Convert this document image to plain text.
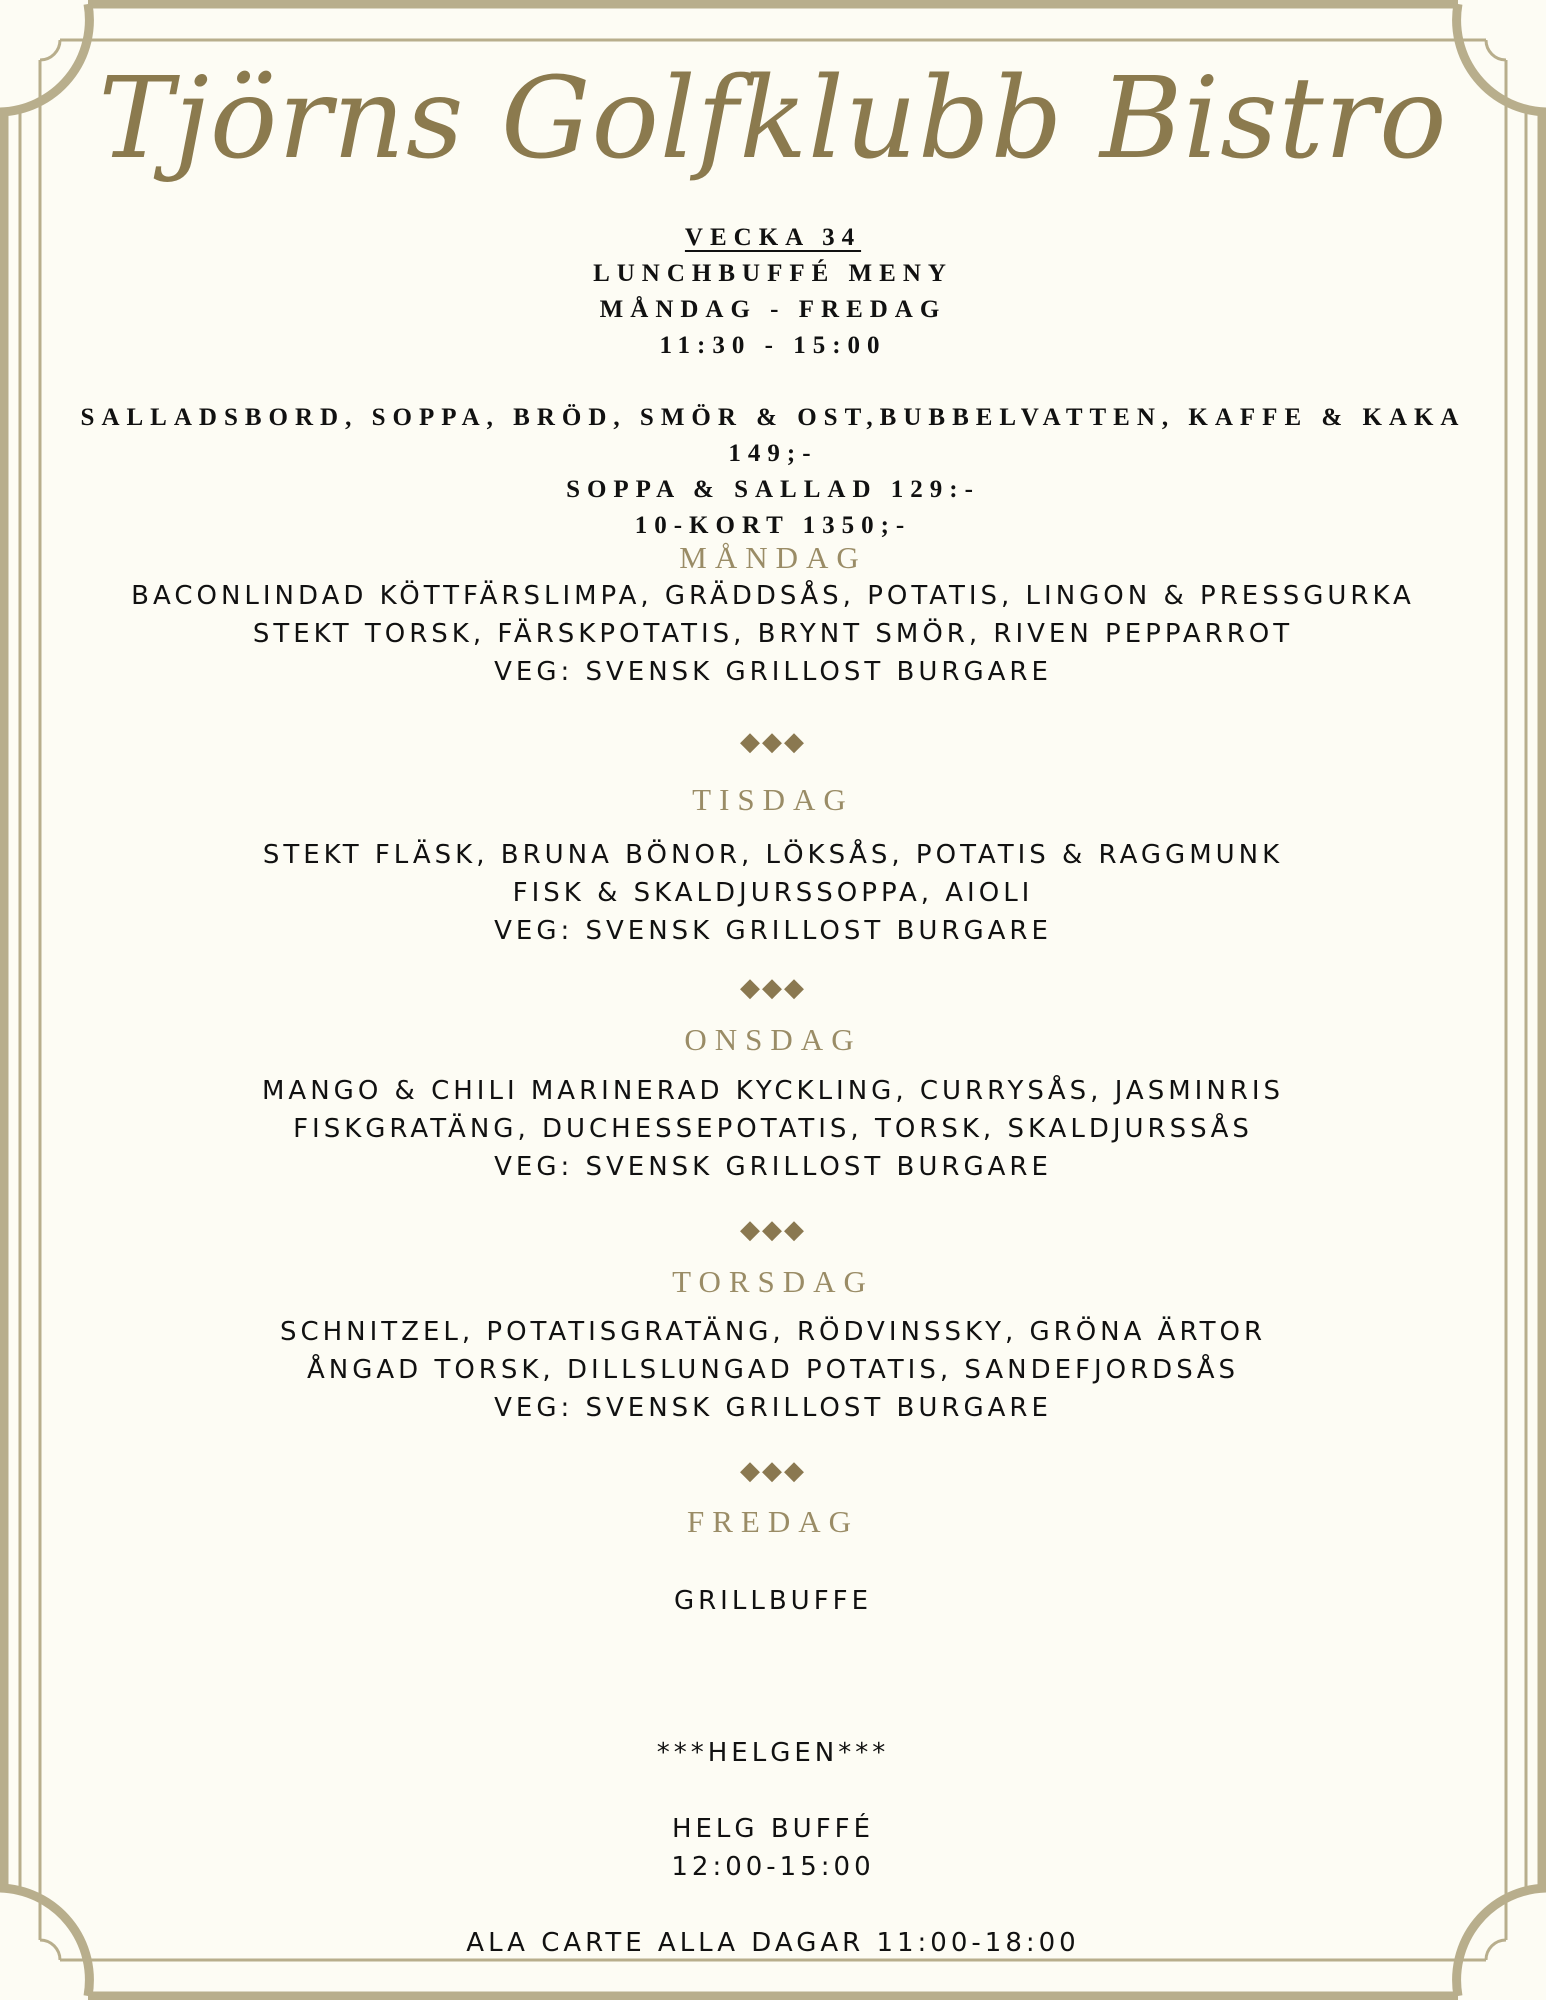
Tjörns Golfklubb Bistro
VECKA 34
LUNCHBUFFÉ MENY
MÅNDAG - FREDAG
11:30 - 15:00
SALLADSBORD, SOPPA, BRÖD, SMÖR & OST,BUBBELVATTEN, KAFFE & KAKA
149;-
SOPPA & SALLAD 129:-
10-KORT 1350;-
MÅNDAG
BACONLINDAD KÖTTFÄRSLIMPA, GRÄDDSÅS, POTATIS, LINGON & PRESSGURKA
STEKT TORSK, FÄRSKPOTATIS, BRYNT SMÖR, RIVEN PEPPARROT
VEG: SVENSK GRILLOST BURGARE
◆◆◆
TISDAG
STEKT FLÄSK, BRUNA BÖNOR, LÖKSÅS, POTATIS & RAGGMUNK
FISK & SKALDJURSSOPPA, AIOLI
VEG: SVENSK GRILLOST BURGARE
◆◆◆
ONSDAG
MANGO & CHILI MARINERAD KYCKLING, CURRYSÅS, JASMINRIS
FISKGRATÄNG, DUCHESSEPOTATIS, TORSK, SKALDJURSSÅS
VEG: SVENSK GRILLOST BURGARE
◆◆◆
TORSDAG
SCHNITZEL, POTATISGRATÄNG, RÖDVINSSKY, GRÖNA ÄRTOR
ÅNGAD TORSK, DILLSLUNGAD POTATIS, SANDEFJORDSÅS
VEG: SVENSK GRILLOST BURGARE
◆◆◆
FREDAG
GRILLBUFFE
***HELGEN***
HELG BUFFÉ
12:00-15:00
ALA CARTE ALLA DAGAR 11:00-18:00
